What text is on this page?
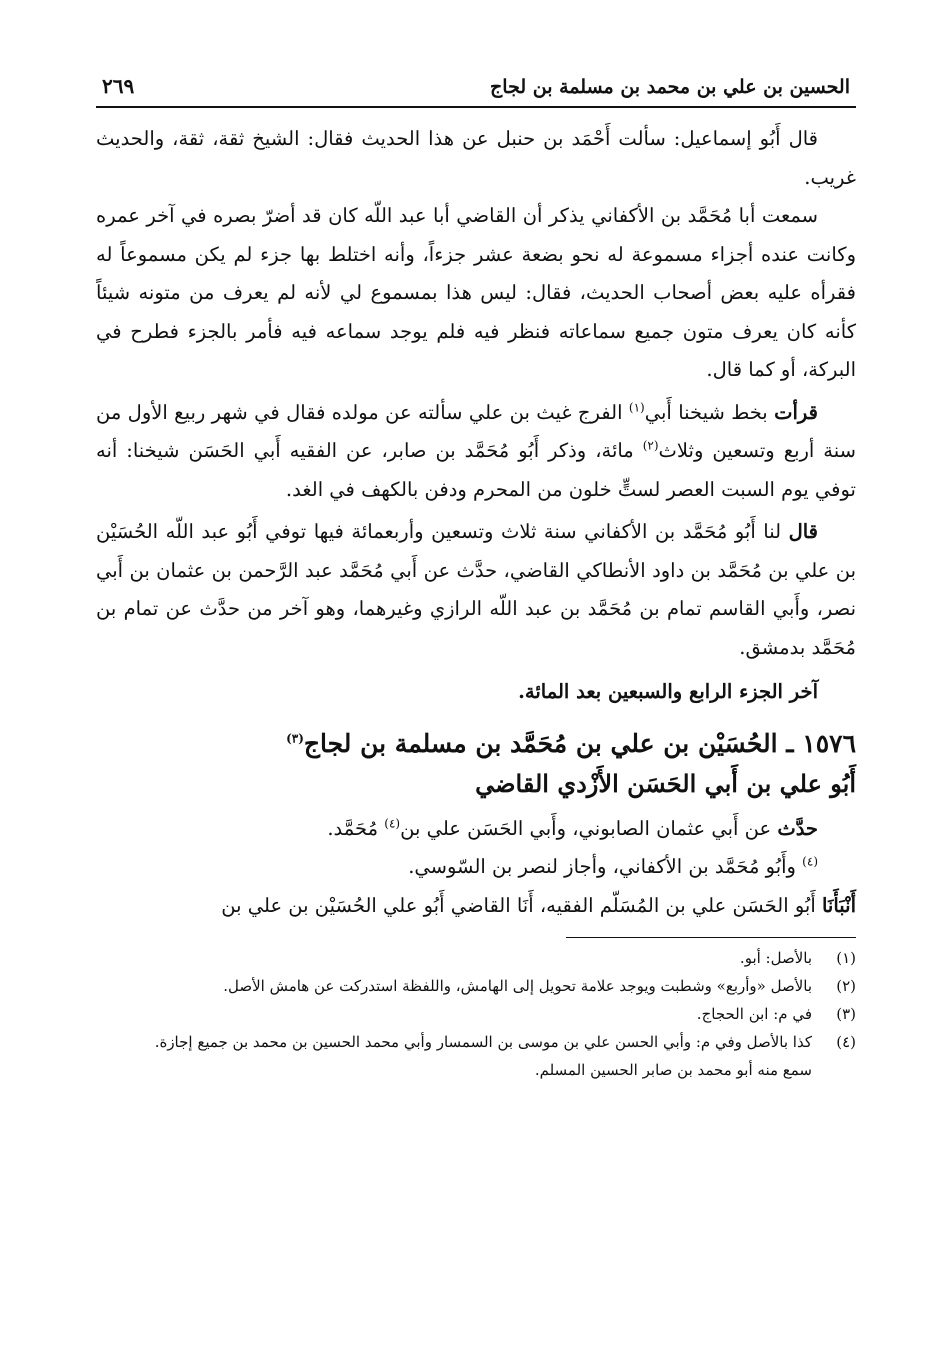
الحسين بن علي بن محمد بن مسلمة بن لجاج
٢٦٩

قال أَبُو إسماعيل: سألت أَحْمَد بن حنبل عن هذا الحديث فقال: الشيخ ثقة، ثقة، والحديث غريب.

سمعت أبا مُحَمَّد بن الأكفاني يذكر أن القاضي أبا عبد اللّه كان قد أضرّ بصره في آخر عمره وكانت عنده أجزاء مسموعة له نحو بضعة عشر جزءاً، وأنه اختلط بها جزء لم يكن مسموعاً له فقرأه عليه بعض أصحاب الحديث، فقال: ليس هذا بمسموع لي لأنه لم يعرف من متونه شيئاً كأنه كان يعرف متون جميع سماعاته فنظر فيه فلم يوجد سماعه فيه فأمر بالجزء فطرح في البركة، أو كما قال.

قرأت بخط شيخنا أَبي$^{(١)}$ الفرج غيث بن علي سألته عن مولده فقال في شهر ربيع الأول من سنة أربع وتسعين وثلاث$^{(٢)}$ مائة، وذكر أَبُو مُحَمَّد بن صابر، عن الفقيه أَبي الحَسَن شيخنا: أنه توفي يوم السبت العصر لستٍّ خلون من المحرم ودفن بالكهف في الغد.

قال لنا أَبُو مُحَمَّد بن الأكفاني سنة ثلاث وتسعين وأربعمائة فيها توفي أَبُو عبد اللّه الحُسَيْن بن علي بن مُحَمَّد بن داود الأنطاكي القاضي، حدَّث عن أَبي مُحَمَّد عبد الرَّحمن بن عثمان بن أَبي نصر، وأَبي القاسم تمام بن مُحَمَّد بن عبد اللّه الرازي وغيرهما، وهو آخر من حدَّث عن تمام بن مُحَمَّد بدمشق.

آخر الجزء الرابع والسبعين بعد المائة.

١٥٧٦ ـ الحُسَيْن بن علي بن مُحَمَّد بن مسلمة بن لجاج$^{(٣)}$
أَبُو علي بن أَبي الحَسَن الأَزْدي القاضي

حدَّث عن أَبي عثمان الصابوني، وأَبي الحَسَن علي بن$^{(٤)}$ مُحَمَّد.

$^{(٤)}$ وأَبُو مُحَمَّد بن الأكفاني، وأجاز لنصر بن السّوسي.

أَنْبَأَنَا أَبُو الحَسَن علي بن المُسَلّم الفقيه، أَنَا القاضي أَبُو علي الحُسَيْن بن علي بن

(١)
بالأصل: أبو.
(٢)
بالأصل «وأربع» وشطبت ويوجد علامة تحويل إلى الهامش، واللفظة استدركت عن هامش الأصل.
(٣)
في م: ابن الحجاج.
(٤)
كذا بالأصل وفي م: وأبي الحسن علي بن موسى بن السمسار وأبي محمد الحسين بن محمد بن جميع إجازة.
سمع منه أبو محمد بن صابر الحسين المسلم.
